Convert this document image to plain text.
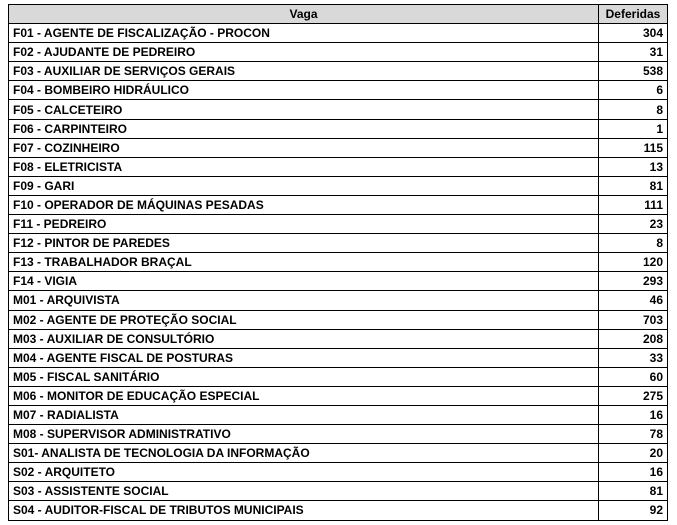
Vaga	Deferidas
F01 - AGENTE DE FISCALIZAÇÃO - PROCON	304
F02 - AJUDANTE DE PEDREIRO	31
F03 - AUXILIAR DE SERVIÇOS GERAIS	538
F04 - BOMBEIRO HIDRÁULICO	6
F05 - CALCETEIRO	8
F06 - CARPINTEIRO	1
F07 - COZINHEIRO	115
F08 - ELETRICISTA	13
F09 - GARI	81
F10 - OPERADOR DE MÁQUINAS PESADAS	111
F11 - PEDREIRO	23
F12 - PINTOR DE PAREDES	8
F13 - TRABALHADOR BRAÇAL	120
F14 - VIGIA	293
M01 - ARQUIVISTA	46
M02 - AGENTE DE PROTEÇÃO SOCIAL	703
M03 - AUXILIAR DE CONSULTÓRIO	208
M04 - AGENTE FISCAL DE POSTURAS	33
M05 - FISCAL SANITÁRIO	60
M06 - MONITOR DE EDUCAÇÃO ESPECIAL	275
M07 - RADIALISTA	16
M08 - SUPERVISOR ADMINISTRATIVO	78
S01- ANALISTA DE TECNOLOGIA DA INFORMAÇÃO	20
S02 - ARQUITETO	16
S03 - ASSISTENTE SOCIAL	81
S04 - AUDITOR-FISCAL DE TRIBUTOS MUNICIPAIS	92
